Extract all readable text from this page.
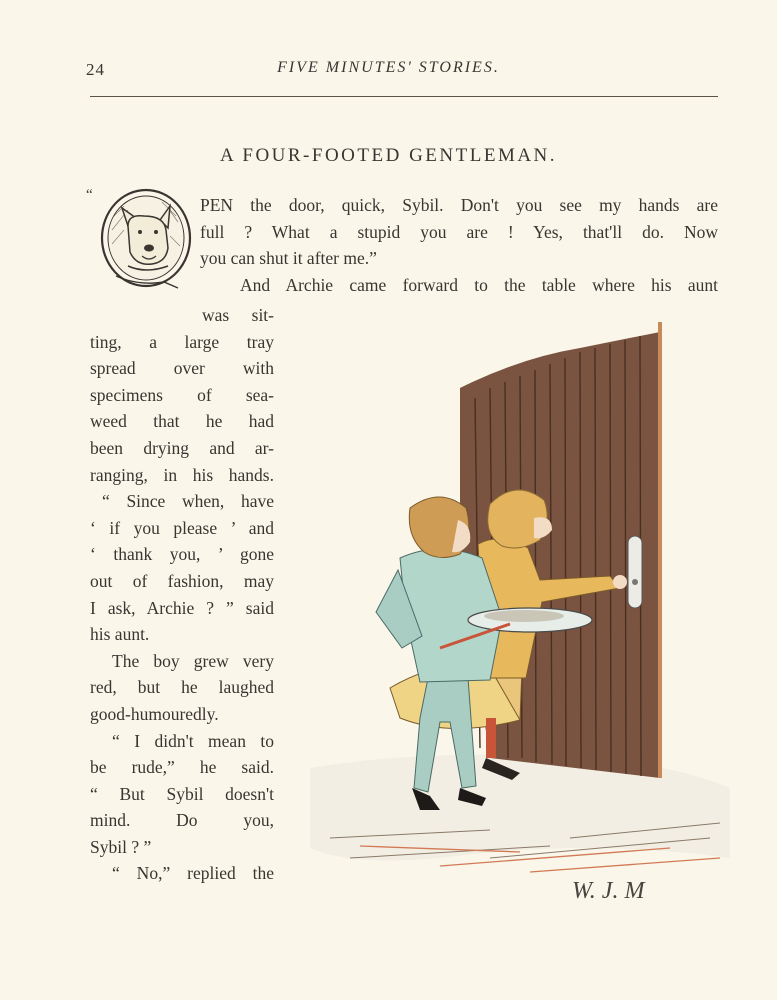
24	FIVE MINUTES' STORIES.
A FOUR-FOOTED GENTLEMAN.
“	PEN the door, quick, Sybil. Don't you see my hands are
full ? What a stupid you are ! Yes, that'll do. Now
you can shut it after me.”
And Archie came forward to the table where his aunt
was sit-
ting, a large tray
spread over with
specimens of sea-
weed that he had
been drying and ar-
ranging, in his hands.
“ Since when, have
‘ if you please ’ and
‘ thank you, ’ gone
out of fashion, may
I ask, Archie ? ” said
his aunt.
The boy grew very
red, but he laughed
good-humouredly.
“ I didn't mean to
be rude,” he said.
“ But Sybil doesn't
mind. Do you,
Sybil ? ”
“ No,” replied the
W. J. M
